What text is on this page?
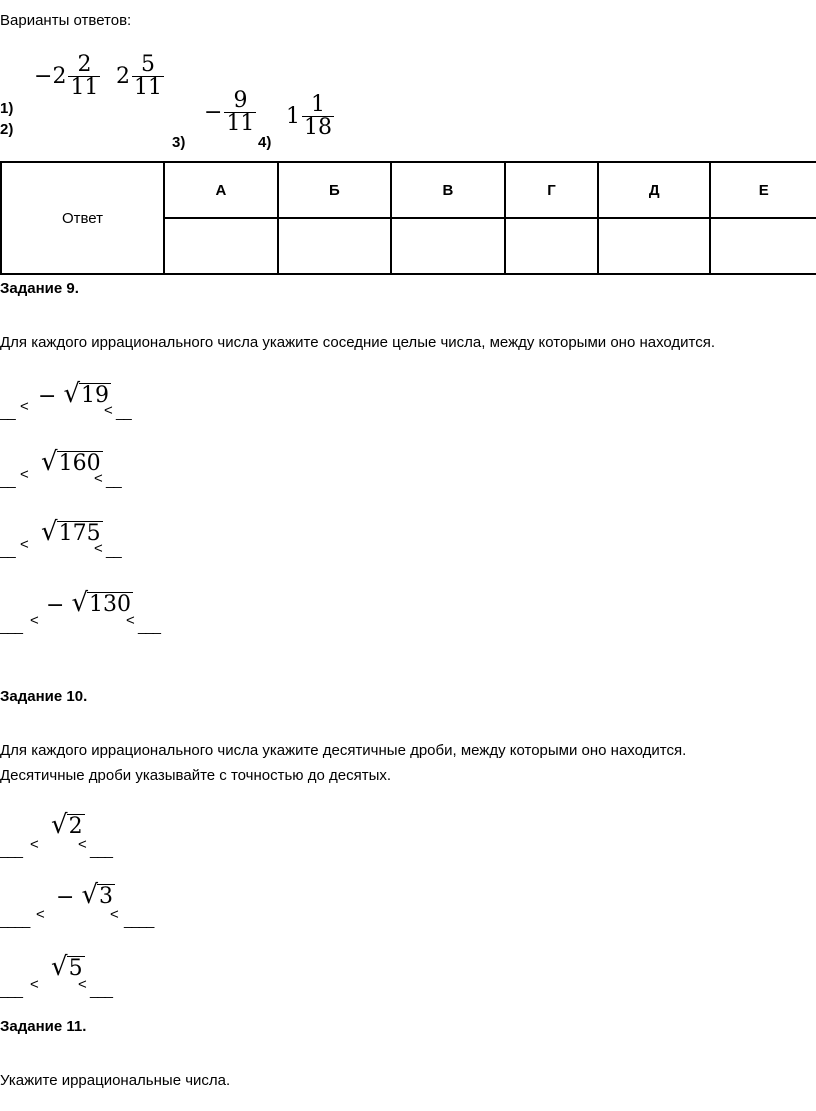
Варианты ответов:
$-2 \frac{2}{11} 2 \frac{5}{11}$
1)
2)
− $\frac{9}{11} 1 \frac{1}{18}$
3)	4)
Ответ	А	Б	В	Г	Д	Е

Задание 9.
Для каждого иррационального числа укажите соседние целые числа, между которыми оно находится.
__ < − √ 19
< __
__ <
√ 160
< __
__ <
√ 175
< __
___ <
− √ 130
< ___
Задание 10.
Для каждого иррационального числа укажите десятичные дроби, между которыми оно находится.
Десятичные дроби указывайте с точностью до десятых.
___ <

√ 2
< ___
____ <
− √ 3
< ____
___ <

√ 5
< ___
Задание 11.
Укажите иррациональные числа.
